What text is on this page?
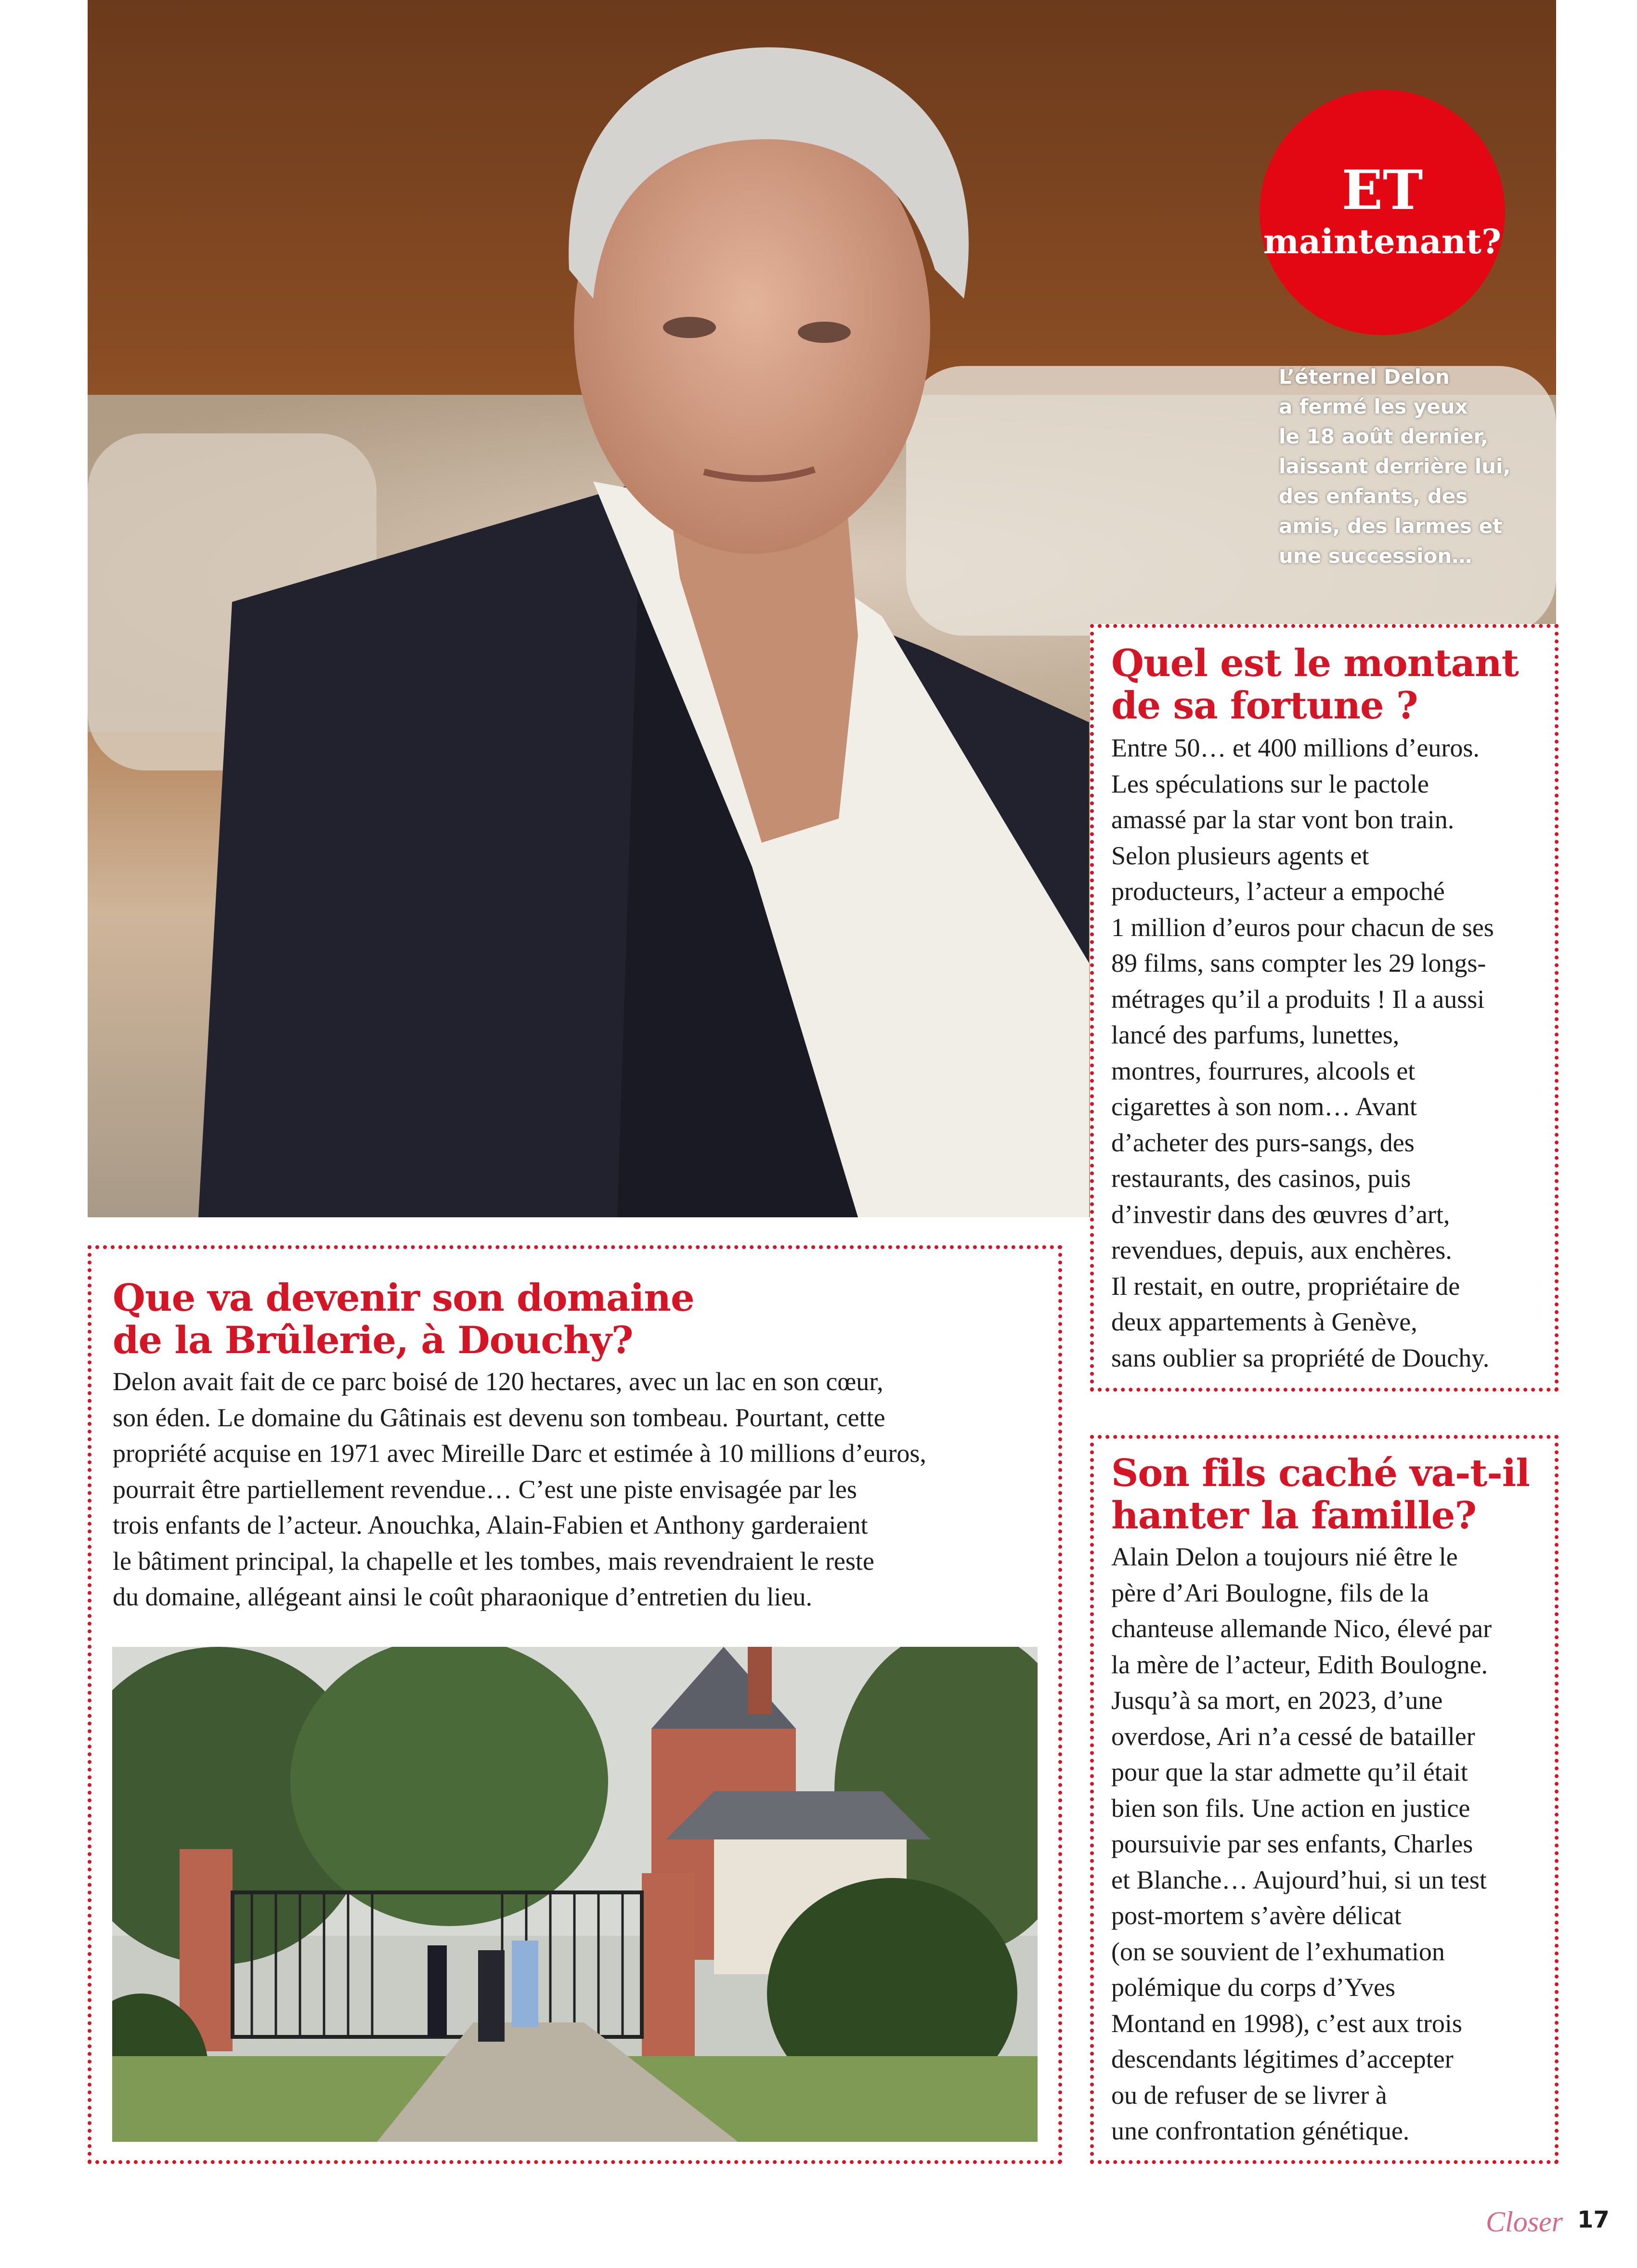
ET
maintenant?
L’éternel Delon
a fermé les yeux
le 18 août dernier,
laissant derrière lui,
des enfants, des
amis, des larmes et
une succession…
Quel est le montant
de sa fortune ?
Entre 50… et 400 millions d’euros.
Les spéculations sur le pactole
amassé par la star vont bon train.
Selon plusieurs agents et
producteurs, l’acteur a empoché
1 million d’euros pour chacun de ses
89 films, sans compter les 29 longs-
métrages qu’il a produits ! Il a aussi
lancé des parfums, lunettes,
montres, fourrures, alcools et
cigarettes à son nom… Avant
d’acheter des purs-sangs, des
restaurants, des casinos, puis
d’investir dans des œuvres d’art,
revendues, depuis, aux enchères.
Il restait, en outre, propriétaire de
deux appartements à Genève,
sans oublier sa propriété de Douchy.
Que va devenir son domaine
de la Brûlerie, à Douchy?
Delon avait fait de ce parc boisé de 120 hectares, avec un lac en son cœur,
son éden. Le domaine du Gâtinais est devenu son tombeau. Pourtant, cette
propriété acquise en 1971 avec Mireille Darc et estimée à 10 millions d’euros,
pourrait être partiellement revendue… C’est une piste envisagée par les
trois enfants de l’acteur. Anouchka, Alain-Fabien et Anthony garderaient
le bâtiment principal, la chapelle et les tombes, mais revendraient le reste
du domaine, allégeant ainsi le coût pharaonique d’entretien du lieu.
Son fils caché va-t-il
hanter la famille?
Alain Delon a toujours nié être le
père d’Ari Boulogne, fils de la
chanteuse allemande Nico, élevé par
la mère de l’acteur, Edith Boulogne.
Jusqu’à sa mort, en 2023, d’une
overdose, Ari n’a cessé de batailler
pour que la star admette qu’il était
bien son fils. Une action en justice
poursuivie par ses enfants, Charles
et Blanche… Aujourd’hui, si un test
post-mortem s’avère délicat
(on se souvient de l’exhumation
polémique du corps d’Yves
Montand en 1998), c’est aux trois
descendants légitimes d’accepter
ou de refuser de se livrer à
une confrontation génétique.
Closer 17
